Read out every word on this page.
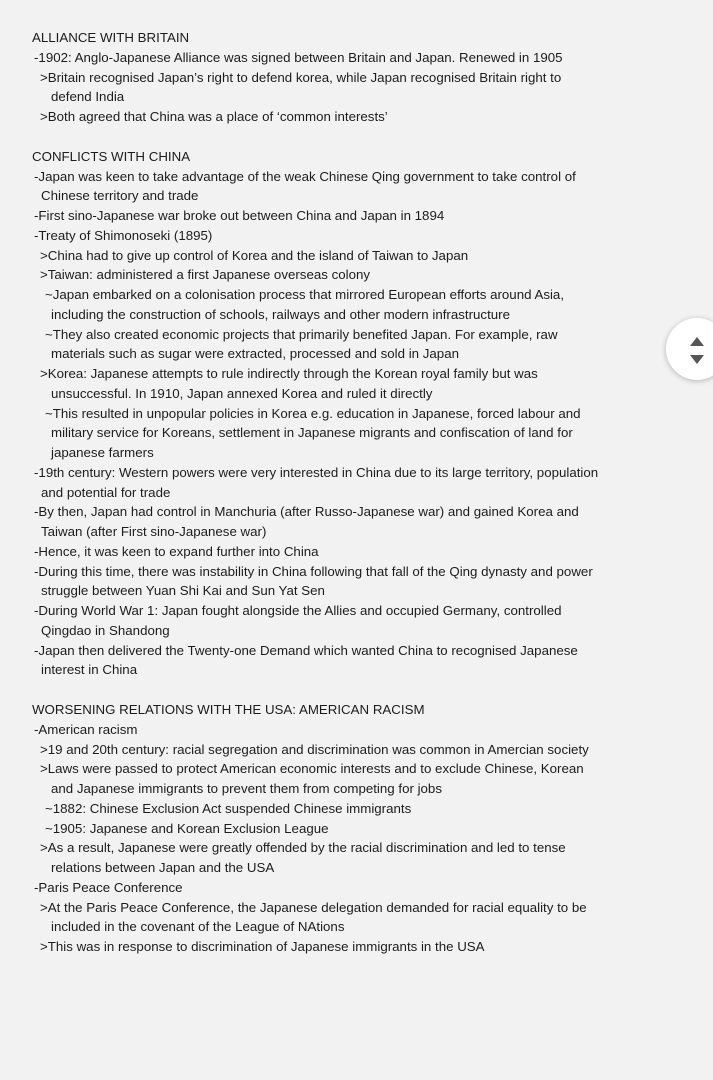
ALLIANCE WITH BRITAIN
-1902: Anglo-Japanese Alliance was signed between Britain and Japan. Renewed in 1905
>Britain recognised Japan’s right to defend korea, while Japan recognised Britain right to
defend India
>Both agreed that China was a place of ‘common interests’
CONFLICTS WITH CHINA
-Japan was keen to take advantage of the weak Chinese Qing government to take control of
Chinese territory and trade
-First sino-Japanese war broke out between China and Japan in 1894
-Treaty of Shimonoseki (1895)
>China had to give up control of Korea and the island of Taiwan to Japan
>Taiwan: administered a first Japanese overseas colony
~Japan embarked on a colonisation process that mirrored European efforts around Asia,
including the construction of schools, railways and other modern infrastructure
~They also created economic projects that primarily benefited Japan. For example, raw
materials such as sugar were extracted, processed and sold in Japan
>Korea: Japanese attempts to rule indirectly through the Korean royal family but was
unsuccessful. In 1910, Japan annexed Korea and ruled it directly
~This resulted in unpopular policies in Korea e.g. education in Japanese, forced labour and
military service for Koreans, settlement in Japanese migrants and confiscation of land for
japanese farmers
-19th century: Western powers were very interested in China due to its large territory, population
and potential for trade
-By then, Japan had control in Manchuria (after Russo-Japanese war) and gained Korea and
Taiwan (after First sino-Japanese war)
-Hence, it was keen to expand further into China
-During this time, there was instability in China following that fall of the Qing dynasty and power
struggle between Yuan Shi Kai and Sun Yat Sen
-During World War 1: Japan fought alongside the Allies and occupied Germany, controlled
Qingdao in Shandong
-Japan then delivered the Twenty-one Demand which wanted China to recognised Japanese
interest in China
WORSENING RELATIONS WITH THE USA: AMERICAN RACISM
-American racism
>19 and 20th century: racial segregation and discrimination was common in Amercian society
>Laws were passed to protect American economic interests and to exclude Chinese, Korean
and Japanese immigrants to prevent them from competing for jobs
~1882: Chinese Exclusion Act suspended Chinese immigrants
~1905: Japanese and Korean Exclusion League
>As a result, Japanese were greatly offended by the racial discrimination and led to tense
relations between Japan and the USA
-Paris Peace Conference
>At the Paris Peace Conference, the Japanese delegation demanded for racial equality to be
included in the covenant of the League of NAtions
>This was in response to discrimination of Japanese immigrants in the USA
